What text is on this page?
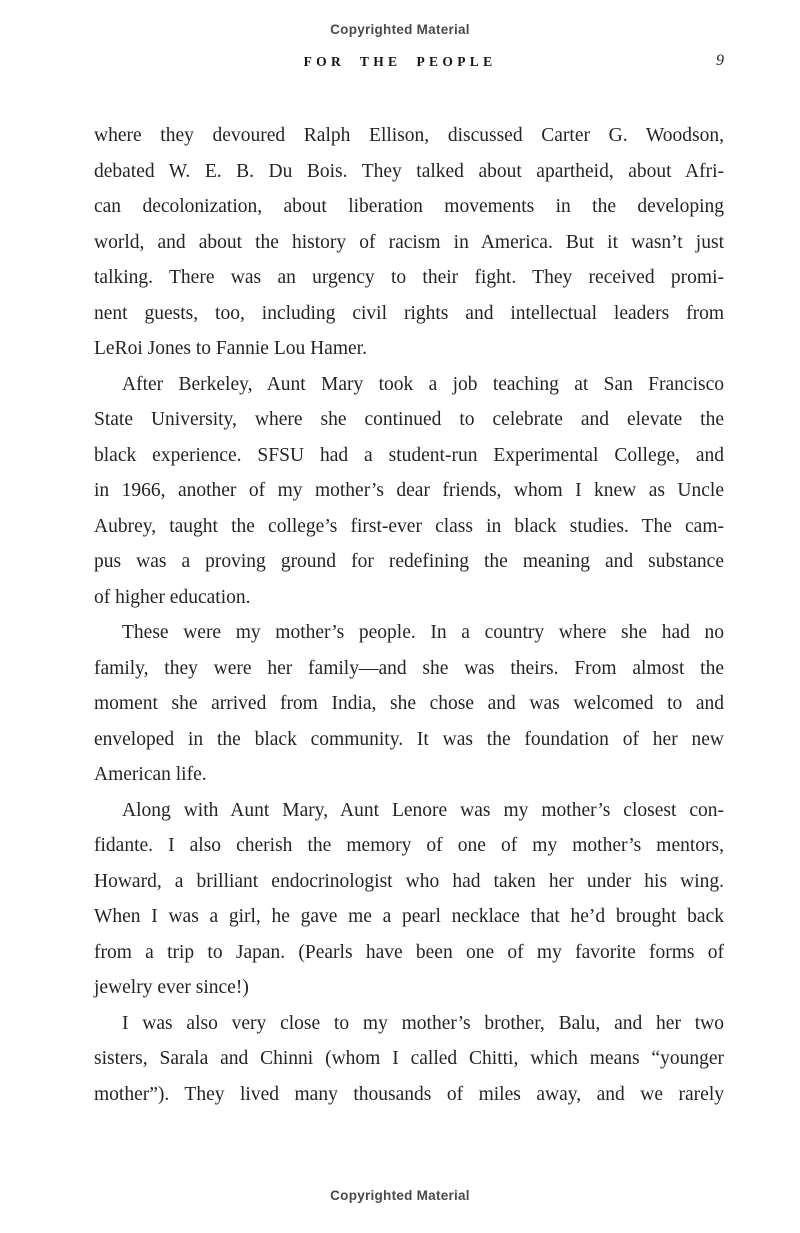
Copyrighted Material
FOR THE PEOPLE	9
where they devoured Ralph Ellison, discussed Carter G. Woodson,
debated W. E. B. Du Bois. They talked about apartheid, about Afri-
can decolonization, about liberation movements in the developing
world, and about the history of racism in America. But it wasn’t just
talking. There was an urgency to their fight. They received promi-
nent guests, too, including civil rights and intellectual leaders from
LeRoi Jones to Fannie Lou Hamer.
After Berkeley, Aunt Mary took a job teaching at San Francisco
State University, where she continued to celebrate and elevate the
black experience. SFSU had a student-run Experimental College, and
in 1966, another of my mother’s dear friends, whom I knew as Uncle
Aubrey, taught the college’s first-ever class in black studies. The cam-
pus was a proving ground for redefining the meaning and substance
of higher education.
These were my mother’s people. In a country where she had no
family, they were her family—and she was theirs. From almost the
moment she arrived from India, she chose and was welcomed to and
enveloped in the black community. It was the foundation of her new
American life.
Along with Aunt Mary, Aunt Lenore was my mother’s closest con-
fidante. I also cherish the memory of one of my mother’s mentors,
Howard, a brilliant endocrinologist who had taken her under his wing.
When I was a girl, he gave me a pearl necklace that he’d brought back
from a trip to Japan. (Pearls have been one of my favorite forms of
jewelry ever since!)
I was also very close to my mother’s brother, Balu, and her two
sisters, Sarala and Chinni (whom I called Chitti, which means “younger
mother”). They lived many thousands of miles away, and we rarely
Copyrighted Material
